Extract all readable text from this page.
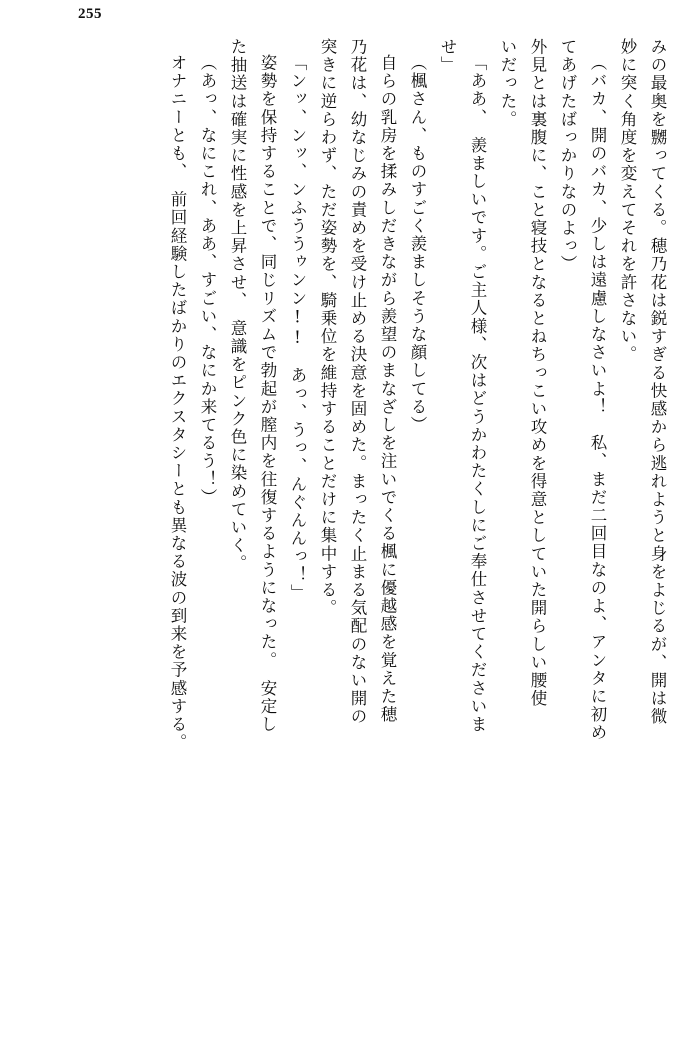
255
みの最奥を嬲ってくる。穂乃花は鋭すぎる快感から逃れようと身をよじるが、開は微
妙に突く角度を変えてそれを許さない。
（バカ、開のバカ、少しは遠慮しなさいよ！　私、まだ二回目なのよ、アンタに初め
てあげたばっかりなのよっ）
外見とは裏腹に、こと寝技となるとねちっこい攻めを得意としていた開らしい腰使
いだった。
「ああ、　羨ましいです。ご主人様、次はどうかわたくしにご奉仕させてくださいま
せ」
（楓さん、ものすごく羨ましそうな顔してる）
自らの乳房を揉みしだきながら羨望のまなざしを注いでくる楓に優越感を覚えた穂
乃花は、幼なじみの責めを受け止める決意を固めた。まったく止まる気配のない開の
突きに逆らわず、ただ姿勢を、騎乗位を維持することだけに集中する。
「ンッ、ンッ、ンふううゥンン!!　あっ、うっ、んぐんんっ！」
姿勢を保持することで、同じリズムで勃起が膣内を往復するようになった。　安定し
た抽送は確実に性感を上昇させ、　意識をピンク色に染めていく。
（あっ、なにこれ、ああ、すごい、なにか来てるう！）
オナニーとも、　前回経験したばかりのエクスタシーとも異なる波の到来を予感する。
